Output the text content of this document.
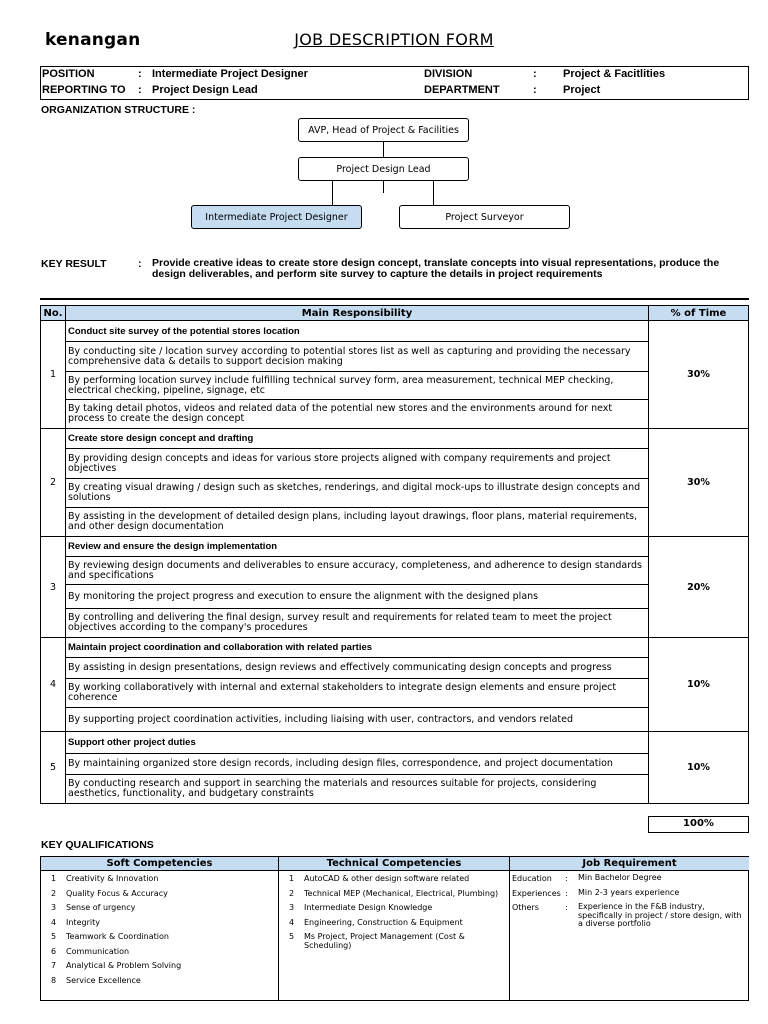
kenangan	JOB DESCRIPTION FORM
POSITION	: Intermediate Project Designer	DIVISION	: Project & Facitlities
REPORTING TO : Project Design Lead	DEPARTMENT	: Project
ORGANIZATION STRUCTURE :
AVP, Head of Project & Facilities
Project Design Lead
Intermediate Project Designer	Project Surveyor
KEY RESULT	: Provide creative ideas to create store design concept, translate concepts into visual representations, produce the design deliverables, and perform site survey to capture the details in project requirements
No.	Main Responsibility	% of Time
1	Conduct site survey of the potential stores location	30%
	By conducting site / location survey according to potential stores list as well as capturing and providing the necessary comprehensive data & details to support decision making	
	By performing location survey include fulfilling technical survey form, area measurement, technical MEP checking, electrical checking, pipeline, signage, etc	
	By taking detail photos, videos and related data of the potential new stores and the environments around for next process to create the design concept	
2	Create store design concept and drafting	30%
	By providing design concepts and ideas for various store projects aligned with company requirements and project objectives	
	By creating visual drawing / design such as sketches, renderings, and digital mock-ups to illustrate design concepts and solutions	
	By assisting in the development of detailed design plans, including layout drawings, floor plans, material requirements, and other design documentation	
3	Review and ensure the design implementation	20%
	By reviewing design documents and deliverables to ensure accuracy, completeness, and adherence to design standards and specifications	
	By monitoring the project progress and execution to ensure the alignment with the designed plans	
	By controlling and delivering the final design, survey result and requirements for related team to meet the project objectives according to the company's procedures	
4	Maintain project coordination and collaboration with related parties	10%
	By assisting in design presentations, design reviews and effectively communicating design concepts and progress	
	By working collaboratively with internal and external stakeholders to integrate design elements and ensure project coherence	
	By supporting project coordination activities, including liaising with user, contractors, and vendors related	
5	Support other project duties	10%
	By maintaining organized store design records, including design files, correspondence, and project documentation	
	By conducting research and support in searching the materials and resources suitable for projects, considering aesthetics, functionality, and budgetary constraints	
100%
KEY QUALIFICATIONS
Soft Competencies
1 Creativity & Innovation
2 Quality Focus & Accuracy
3 Sense of urgency
4 Integrity
5 Teamwork & Coordination
6 Communication
7 Analytical & Problem Solving
8 Service Excellence
Technical Competencies
1 AutoCAD & other design software related
2 Technical MEP (Mechanical, Electrical, Plumbing)
3 Intermediate Design Knowledge
4 Engineering, Construction & Equipment
5 Ms Project, Project Management (Cost & Scheduling)
Job Requirement
Education : Min Bachelor Degree
Experiences : Min 2-3 years experience
Others	: Experience in the F&B industry, specifically in project / store design, with a diverse portfolio
